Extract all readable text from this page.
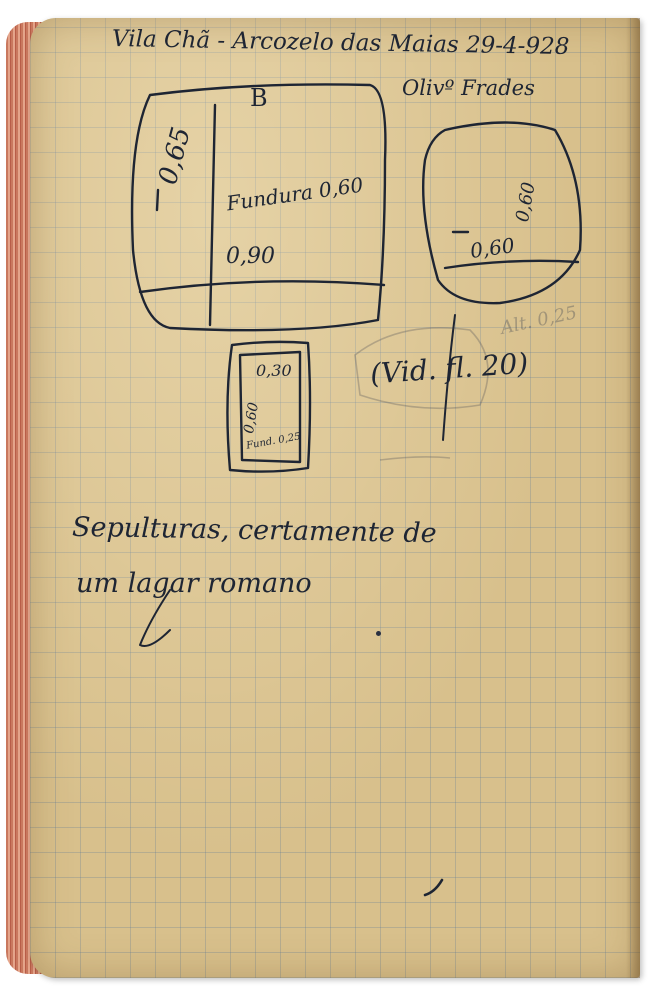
Vila Chã - Arcozelo das Maias 29-4-928
Olivº Frades
B
0,65
Fundura 0,60
0,90	0,60
0,60
0,30
0,60
Fund. 0,25
Alt. 0,25
(Vid. fl. 20)
Sepulturas, certamente de
um lagar romano
